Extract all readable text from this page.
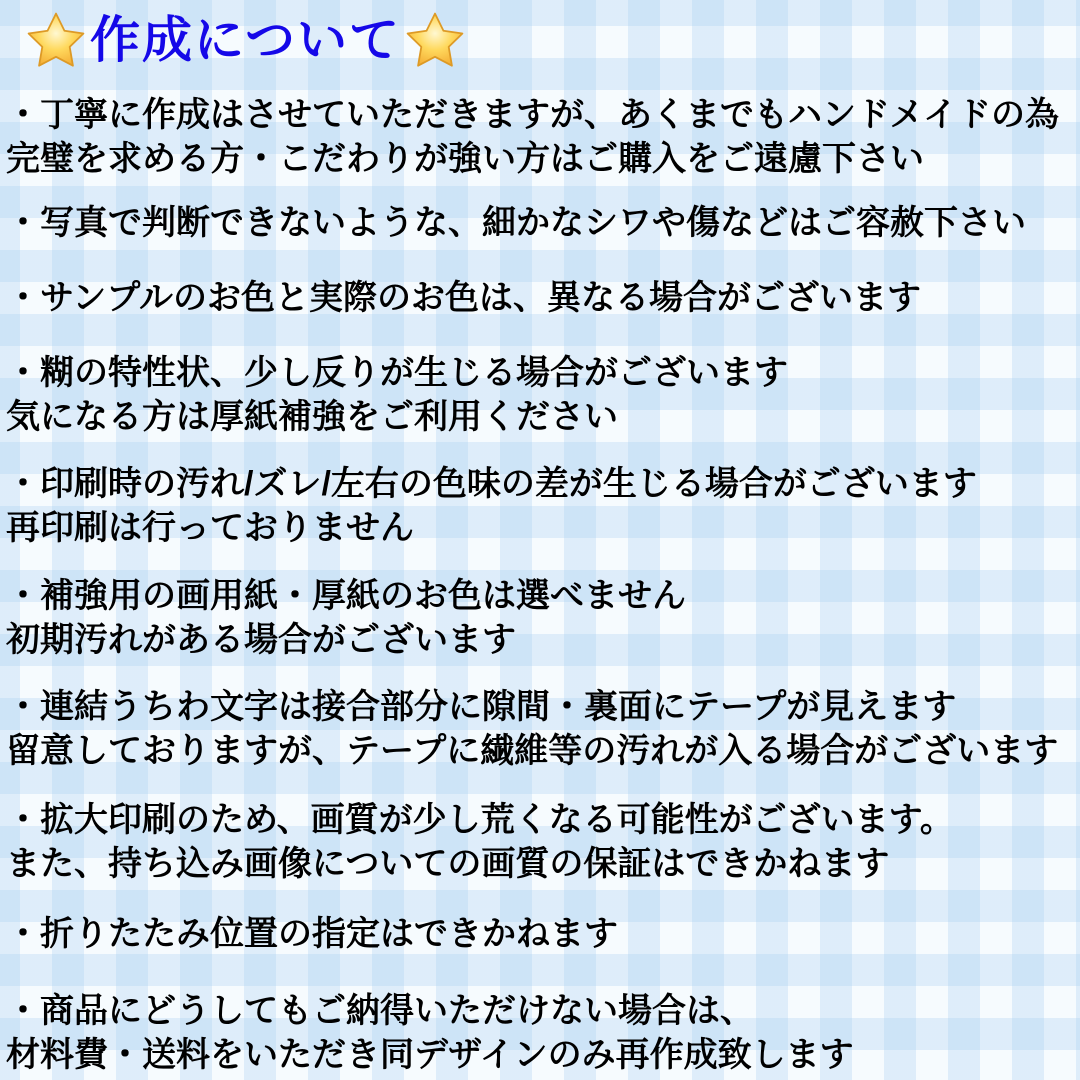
作成について
・丁寧に作成はさせていただきますが、あくまでもハンドメイドの為
完璧を求める方・こだわりが強い方はご購入をご遠慮下さい
・写真で判断できないような、細かなシワや傷などはご容赦下さい
・サンプルのお色と実際のお色は、異なる場合がございます
・糊の特性状、少し反りが生じる場合がございます
気になる方は厚紙補強をご利用ください
・印刷時の汚れ/ズレ/左右の色味の差が生じる場合がございます
再印刷は行っておりません
・補強用の画用紙・厚紙のお色は選べません
初期汚れがある場合がございます
・連結うちわ文字は接合部分に隙間・裏面にテープが見えます
留意しておりますが、テープに繊維等の汚れが入る場合がございます
・拡大印刷のため、画質が少し荒くなる可能性がございます。
また、持ち込み画像についての画質の保証はできかねます
・折りたたみ位置の指定はできかねます
・商品にどうしてもご納得いただけない場合は、
材料費・送料をいただき同デザインのみ再作成致します
